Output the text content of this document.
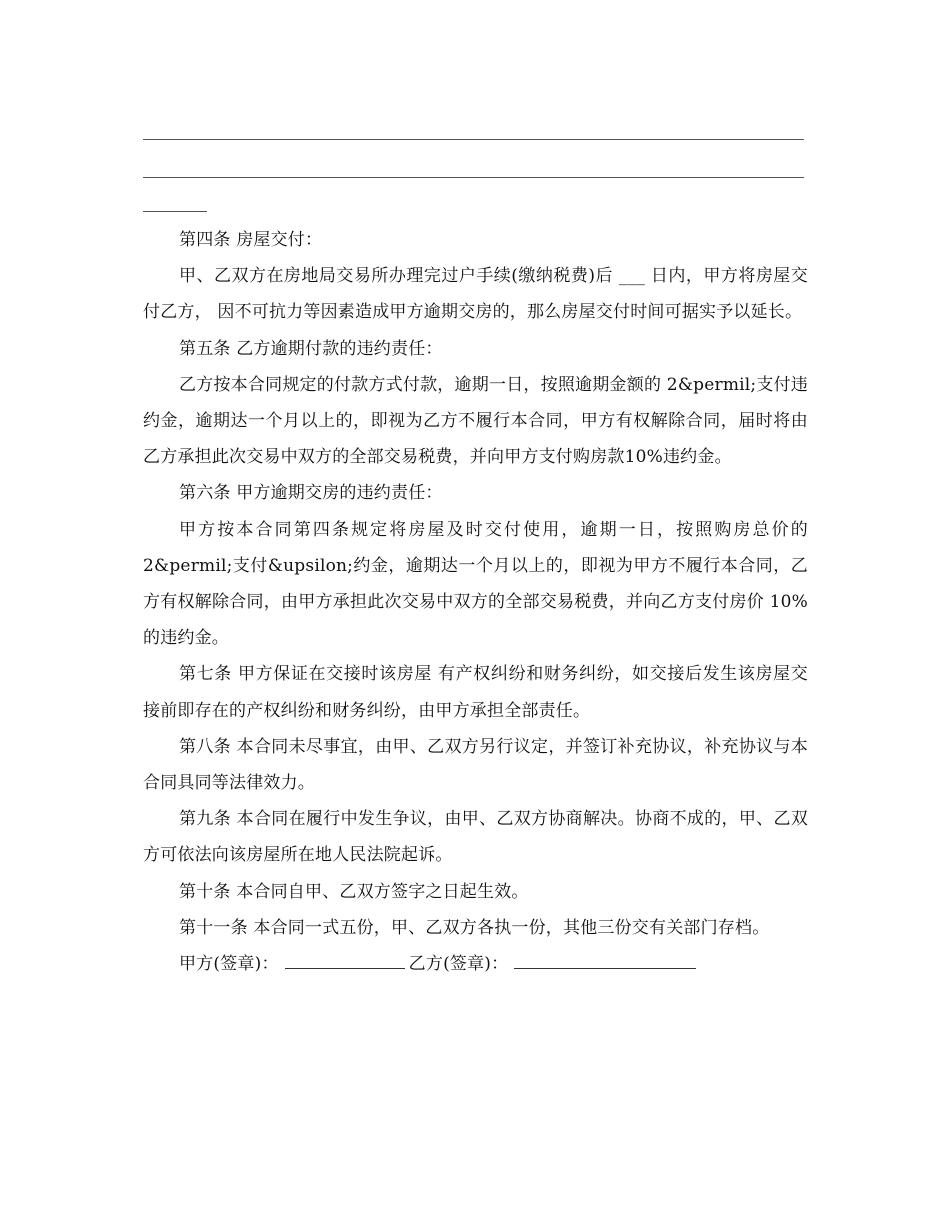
第四条 房屋交付：

甲、乙双方在房地局交易所办理完过户手续(缴纳税费)后 ___ 日内，甲方将房屋交付乙方， 因不可抗力等因素造成甲方逾期交房的，那么房屋交付时间可据实予以延长。

第五条 乙方逾期付款的违约责任：

乙方按本合同规定的付款方式付款，逾期一日，按照逾期金额的 2&permil;支付违约金，逾期达一个月以上的，即视为乙方不履行本合同，甲方有权解除合同，届时将由乙方承担此次交易中双方的全部交易税费，并向甲方支付购房款10%违约金。

第六条 甲方逾期交房的违约责任：

甲方按本合同第四条规定将房屋及时交付使用，逾期一日，按照购房总价的 2&permil;支付&upsilon;约金，逾期达一个月以上的，即视为甲方不履行本合同，乙方有权解除合同，由甲方承担此次交易中双方的全部交易税费，并向乙方支付房价 10%的违约金。

第七条 甲方保证在交接时该房屋 有产权纠纷和财务纠纷，如交接后发生该房屋交接前即存在的产权纠纷和财务纠纷，由甲方承担全部责任。

第八条 本合同未尽事宜，由甲、乙双方另行议定，并签订补充协议，补充协议与本合同具同等法律效力。

第九条 本合同在履行中发生争议，由甲、乙双方协商解决。协商不成的，甲、乙双方可依法向该房屋所在地人民法院起诉。

第十条 本合同自甲、乙双方签字之日起生效。

第十一条 本合同一式五份，甲、乙双方各执一份，其他三份交有关部门存档。

甲方(签章)：	乙方(签章)：
